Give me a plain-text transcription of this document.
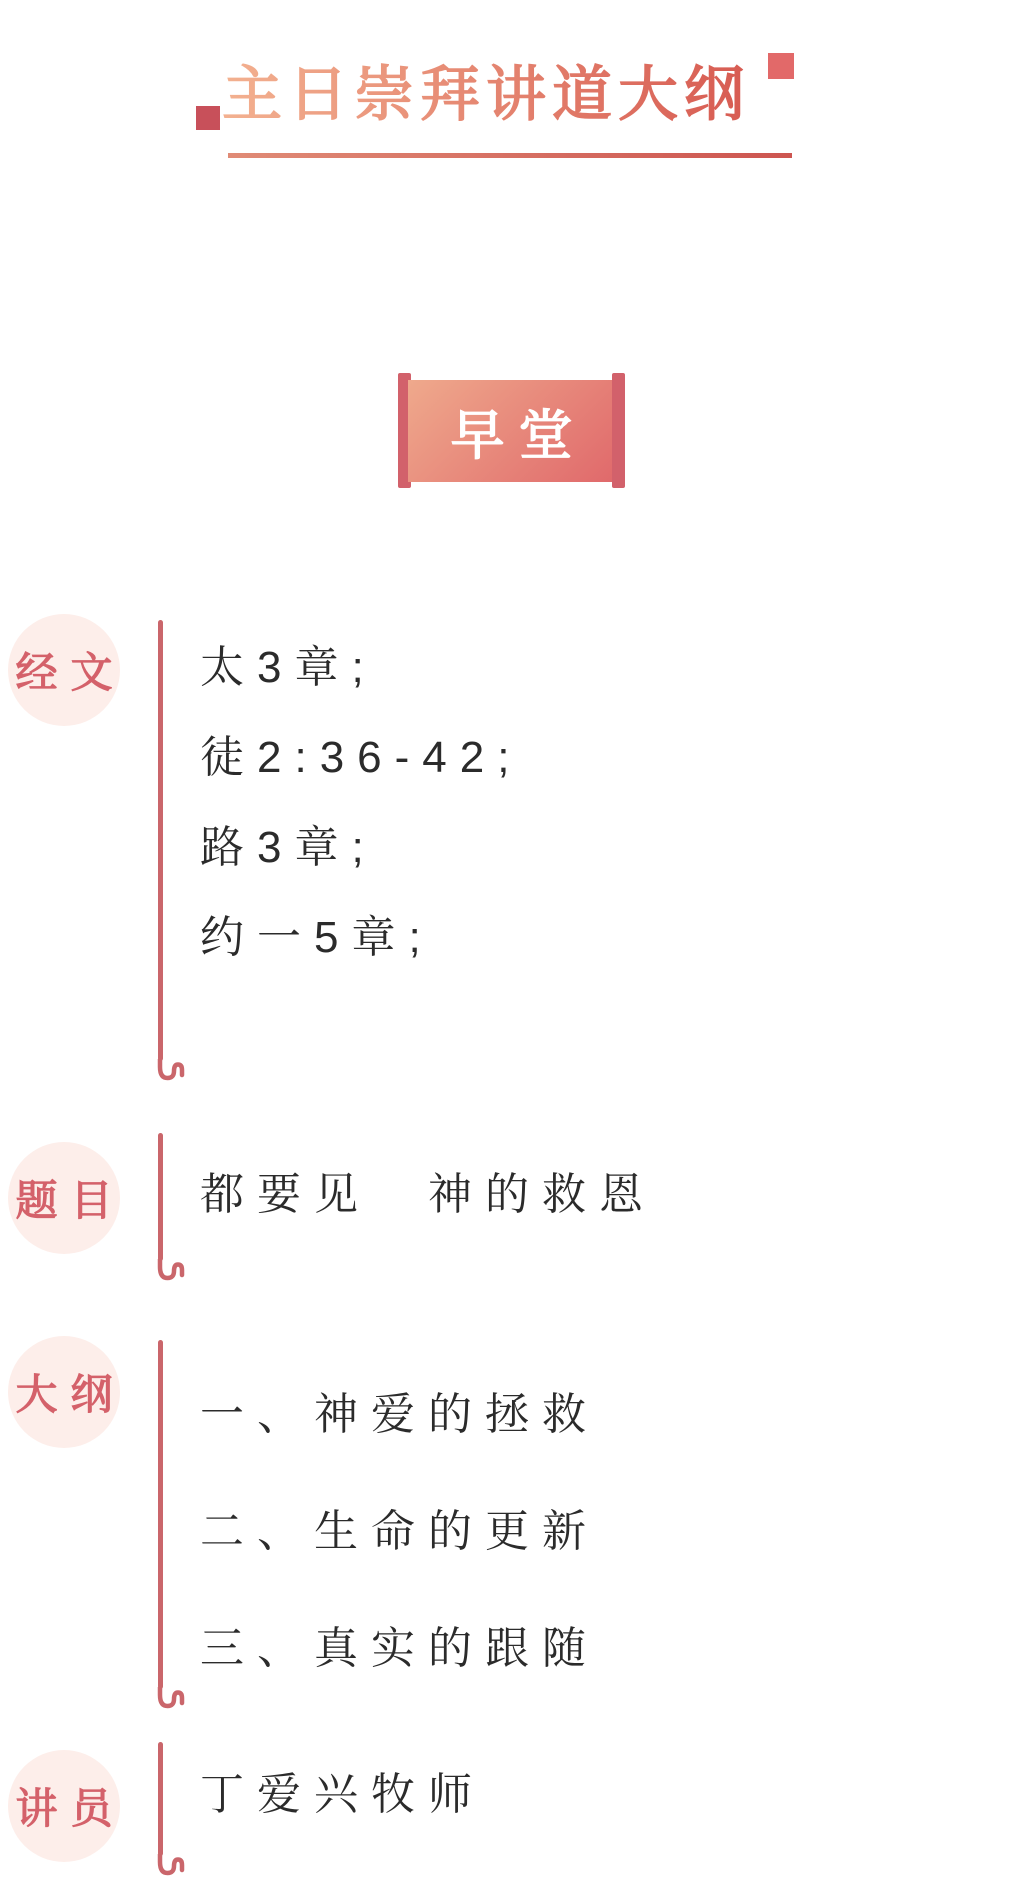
主日崇拜讲道大纲
早堂
经文 太3章;

徒2:36-42;

路3章;

约一5章;

题目 都要见　神的救恩

大纲 一、神爱的拯救

二、生命的更新

三、真实的跟随

讲员 丁爱兴牧师
